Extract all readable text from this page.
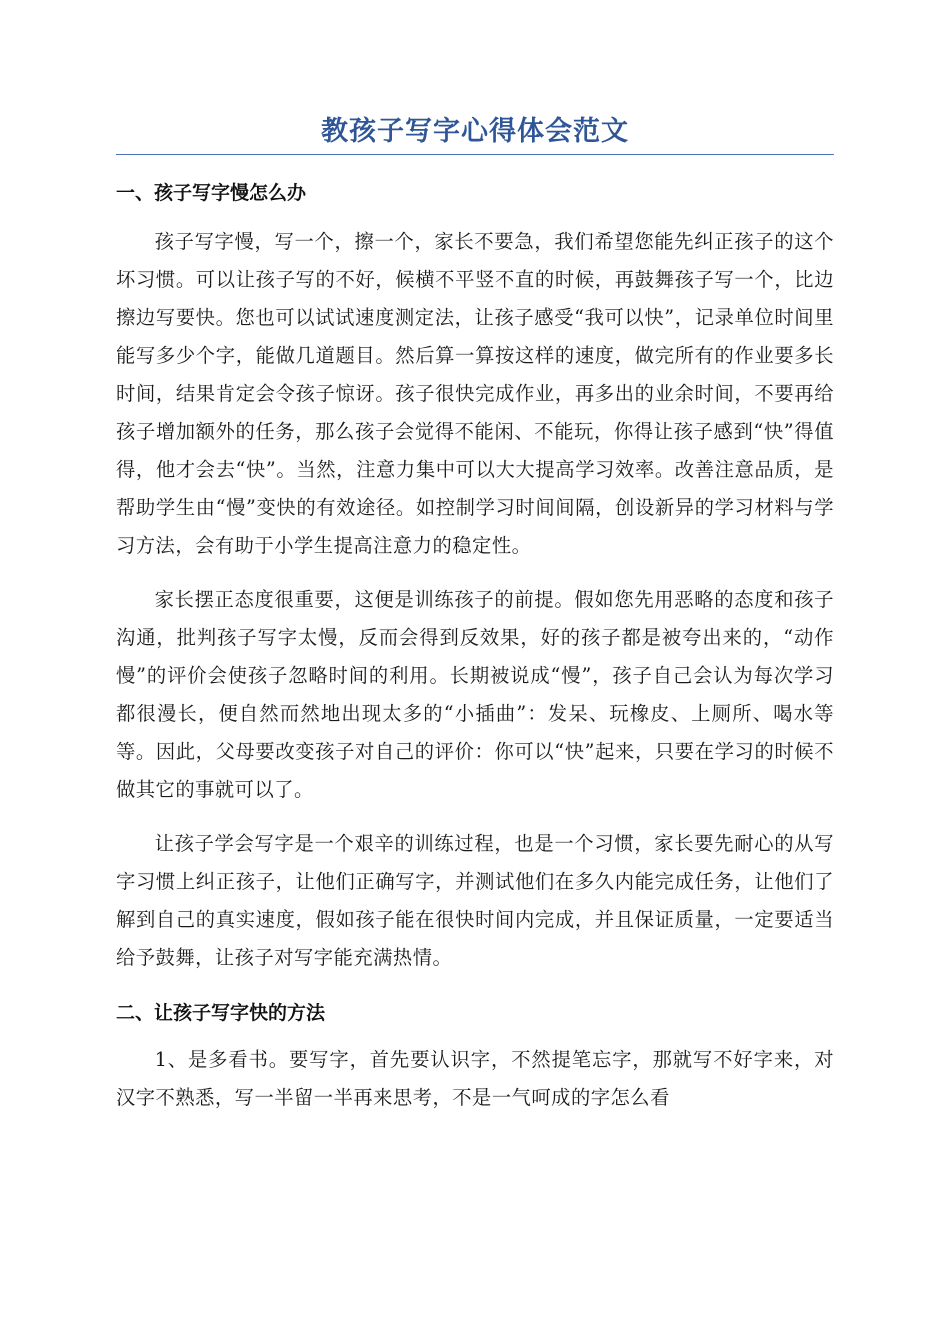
教孩子写字心得体会范文
一、孩子写字慢怎么办

孩子写字慢，写一个，擦一个，家长不要急，我们希望您能先纠正孩子的这个坏习惯。可以让孩子写的不好，候横不平竖不直的时候，再鼓舞孩子写一个，比边擦边写要快。您也可以试试速度测定法，让孩子感受“我可以快”，记录单位时间里能写多少个字，能做几道题目。然后算一算按这样的速度，做完所有的作业要多长时间，结果肯定会令孩子惊讶。孩子很快完成作业，再多出的业余时间，不要再给孩子增加额外的任务，那么孩子会觉得不能闲、不能玩，你得让孩子感到“快”得值得，他才会去“快”。当然，注意力集中可以大大提高学习效率。改善注意品质，是帮助学生由“慢”变快的有效途径。如控制学习时间间隔，创设新异的学习材料与学习方法，会有助于小学生提高注意力的稳定性。

家长摆正态度很重要，这便是训练孩子的前提。假如您先用恶略的态度和孩子沟通，批判孩子写字太慢，反而会得到反效果，好的孩子都是被夸出来的，“动作慢”的评价会使孩子忽略时间的利用。长期被说成“慢”，孩子自己会认为每次学习都很漫长，便自然而然地出现太多的“小插曲”：发呆、玩橡皮、上厕所、喝水等等。因此，父母要改变孩子对自己的评价：你可以“快”起来，只要在学习的时候不做其它的事就可以了。

让孩子学会写字是一个艰辛的训练过程，也是一个习惯，家长要先耐心的从写字习惯上纠正孩子，让他们正确写字，并测试他们在多久内能完成任务，让他们了解到自己的真实速度，假如孩子能在很快时间内完成，并且保证质量，一定要适当给予鼓舞，让孩子对写字能充满热情。

二、让孩子写字快的方法

1、是多看书。要写字，首先要认识字，不然提笔忘字，那就写不好字来，对汉字不熟悉，写一半留一半再来思考，不是一气呵成的字怎么看
